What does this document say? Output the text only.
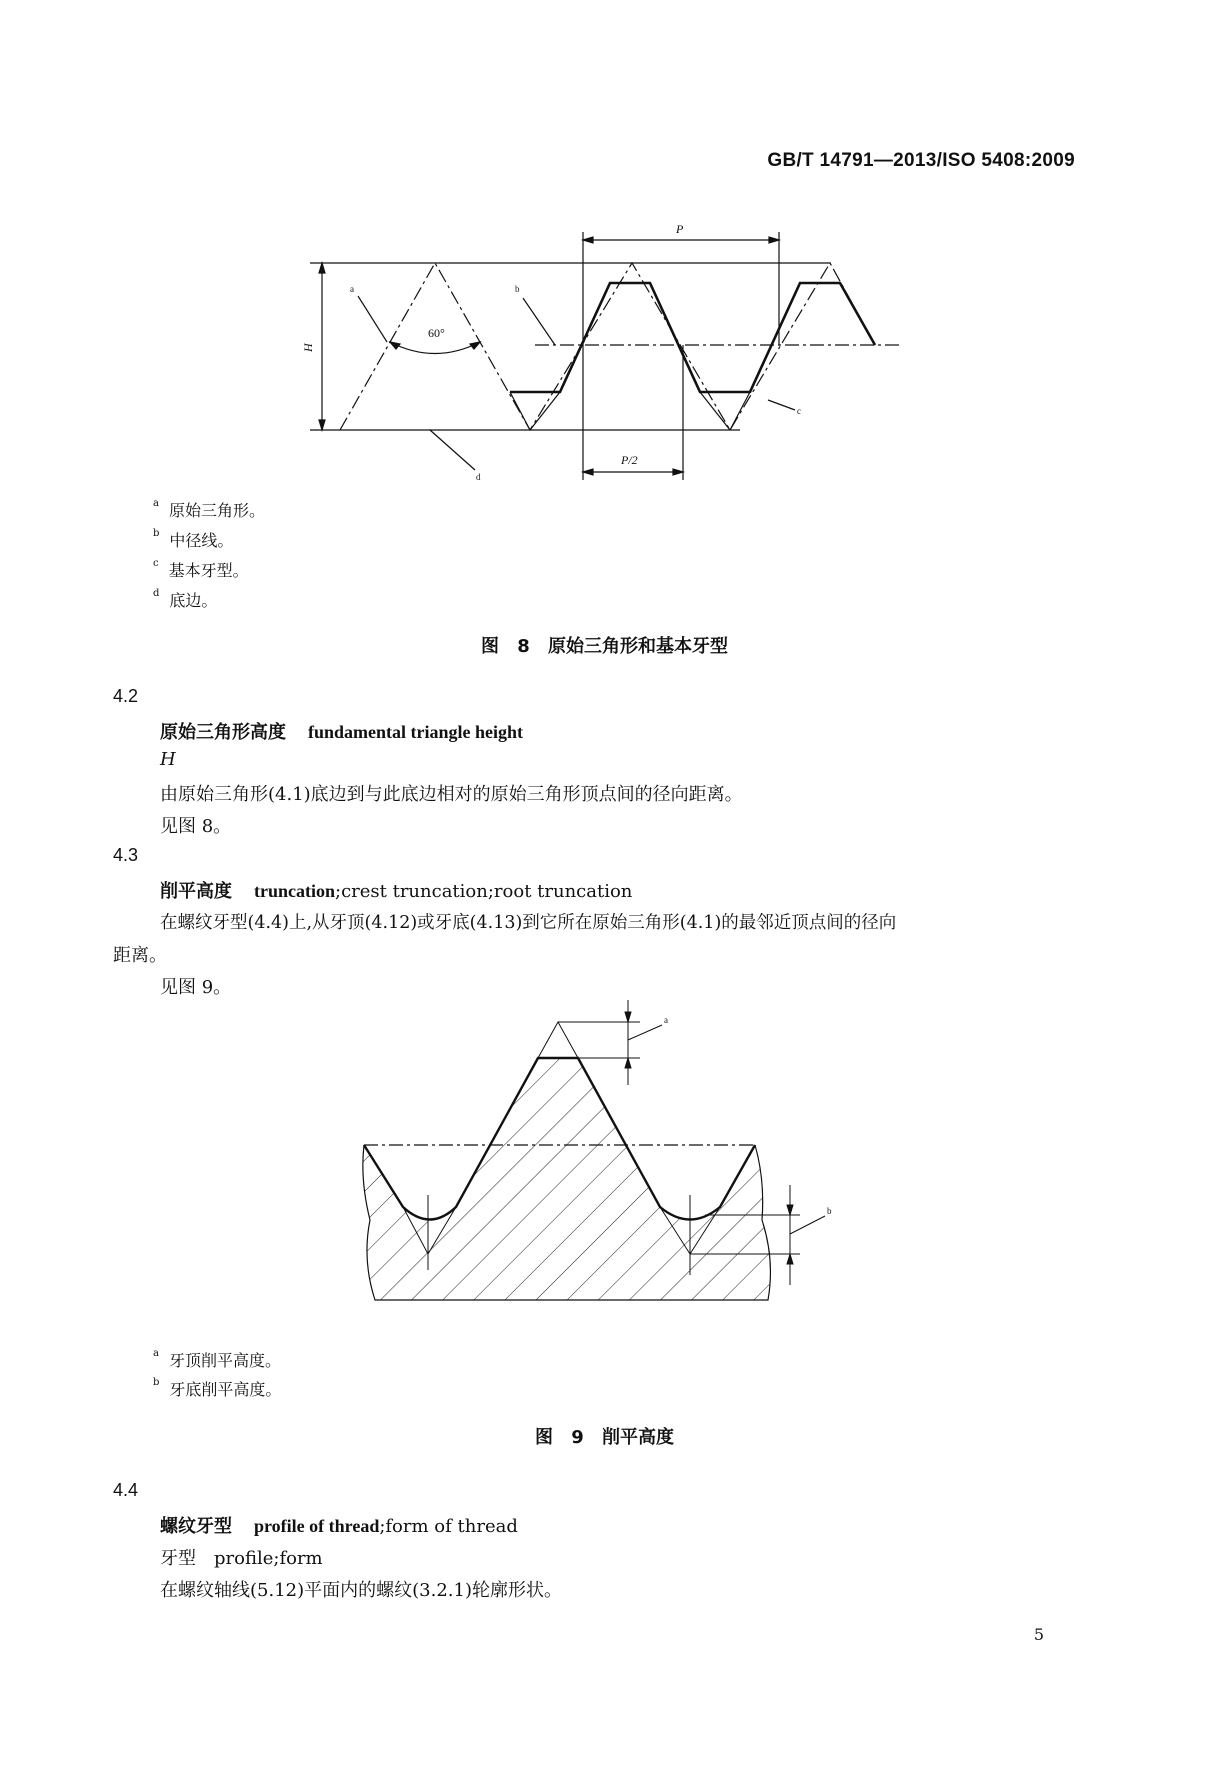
GB/T 14791—2013/ISO 5408:2009
P
P/2
H
60°
a	b
c
d
$^a$ 原始三角形。
$^b$ 中径线。
$^c$ 基本牙型。
$^d$ 底边。
图 8 原始三角形和基本牙型
4.2
原始三角形高度 fundamental triangle height
H
由原始三角形(4.1)底边到与此底边相对的原始三角形顶点间的径向距离。
见图 8。
4.3
削平高度 truncation;crest truncation;root truncation
在螺纹牙型(4.4)上,从牙顶(4.12)或牙底(4.13)到它所在原始三角形(4.1)的最邻近顶点间的径向
距离。
见图 9。
a
b
$^a$ 牙顶削平高度。
$^b$ 牙底削平高度。
图 9 削平高度
4.4
螺纹牙型 profile of thread;form of thread
牙型 profile;form
在螺纹轴线(5.12)平面内的螺纹(3.2.1)轮廓形状。
5
